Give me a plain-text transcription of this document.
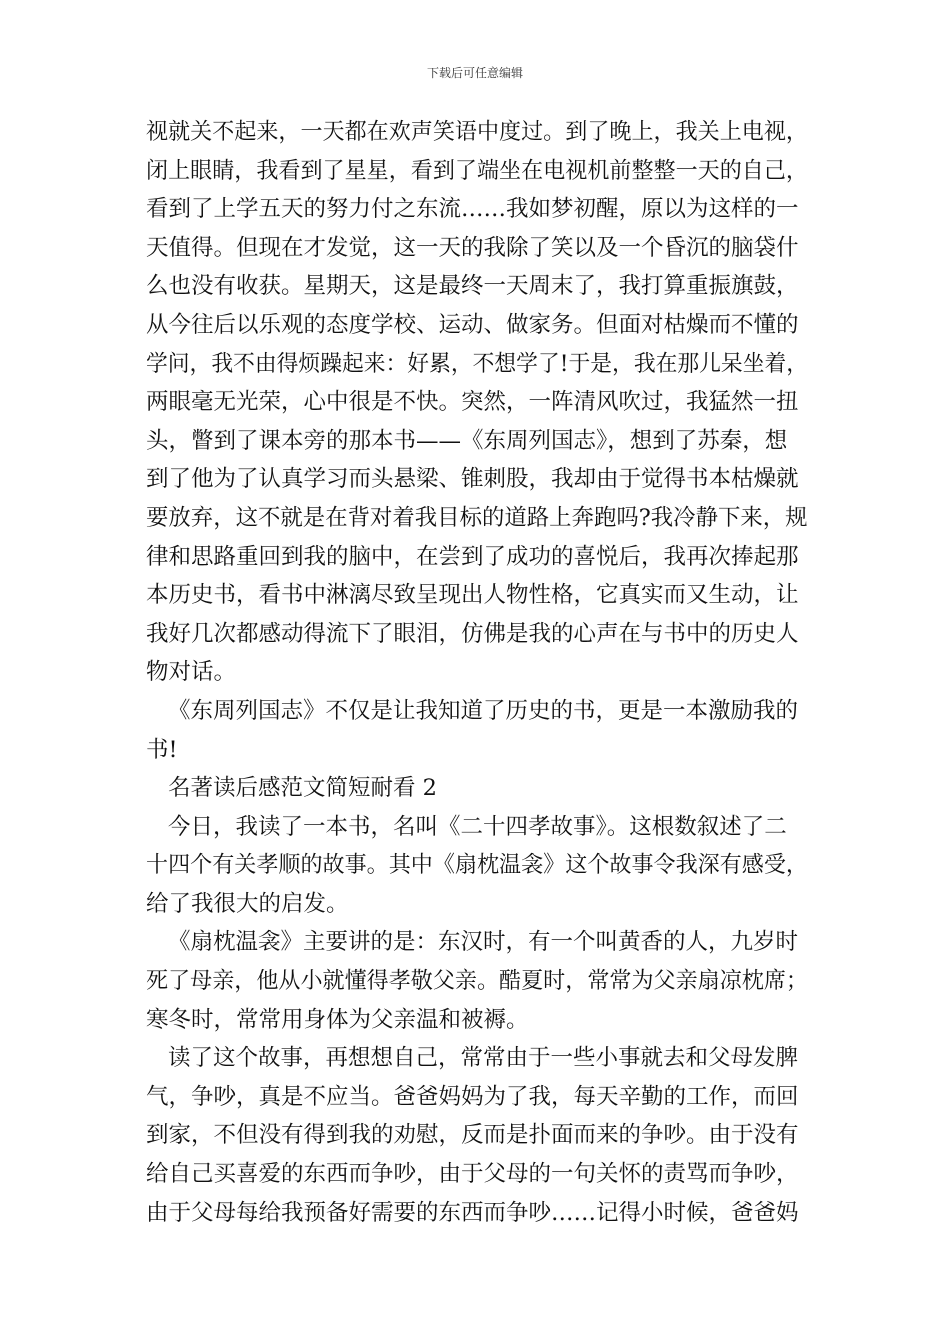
下载后可任意编辑
视就关不起来，一天都在欢声笑语中度过。到了晚上，我关上电视，
闭上眼睛，我看到了星星，看到了端坐在电视机前整整一天的自己，
看到了上学五天的努力付之东流……我如梦初醒，原以为这样的一
天值得。但现在才发觉，这一天的我除了笑以及一个昏沉的脑袋什
么也没有收获。星期天，这是最终一天周末了，我打算重振旗鼓，
从今往后以乐观的态度学校、运动、做家务。但面对枯燥而不懂的
学问，我不由得烦躁起来：好累，不想学了!于是，我在那儿呆坐着，
两眼毫无光荣，心中很是不快。突然，一阵清风吹过，我猛然一扭
头，瞥到了课本旁的那本书——《东周列国志》，想到了苏秦，想
到了他为了认真学习而头悬梁、锥刺股，我却由于觉得书本枯燥就
要放弃，这不就是在背对着我目标的道路上奔跑吗?我冷静下来，规
律和思路重回到我的脑中，在尝到了成功的喜悦后，我再次捧起那
本历史书，看书中淋漓尽致呈现出人物性格，它真实而又生动，让
我好几次都感动得流下了眼泪，仿佛是我的心声在与书中的历史人
物对话。
《东周列国志》不仅是让我知道了历史的书，更是一本激励我的
书!
名著读后感范文简短耐看 2
今日，我读了一本书，名叫《二十四孝故事》。这根数叙述了二
十四个有关孝顺的故事。其中《扇枕温衾》这个故事令我深有感受，
给了我很大的启发。
《扇枕温衾》主要讲的是：东汉时，有一个叫黄香的人，九岁时
死了母亲，他从小就懂得孝敬父亲。酷夏时，常常为父亲扇凉枕席；
寒冬时，常常用身体为父亲温和被褥。
读了这个故事，再想想自己，常常由于一些小事就去和父母发脾
气，争吵，真是不应当。爸爸妈妈为了我，每天辛勤的工作，而回
到家，不但没有得到我的劝慰，反而是扑面而来的争吵。由于没有
给自己买喜爱的东西而争吵，由于父母的一句关怀的责骂而争吵，
由于父母每给我预备好需要的东西而争吵……记得小时候，爸爸妈
